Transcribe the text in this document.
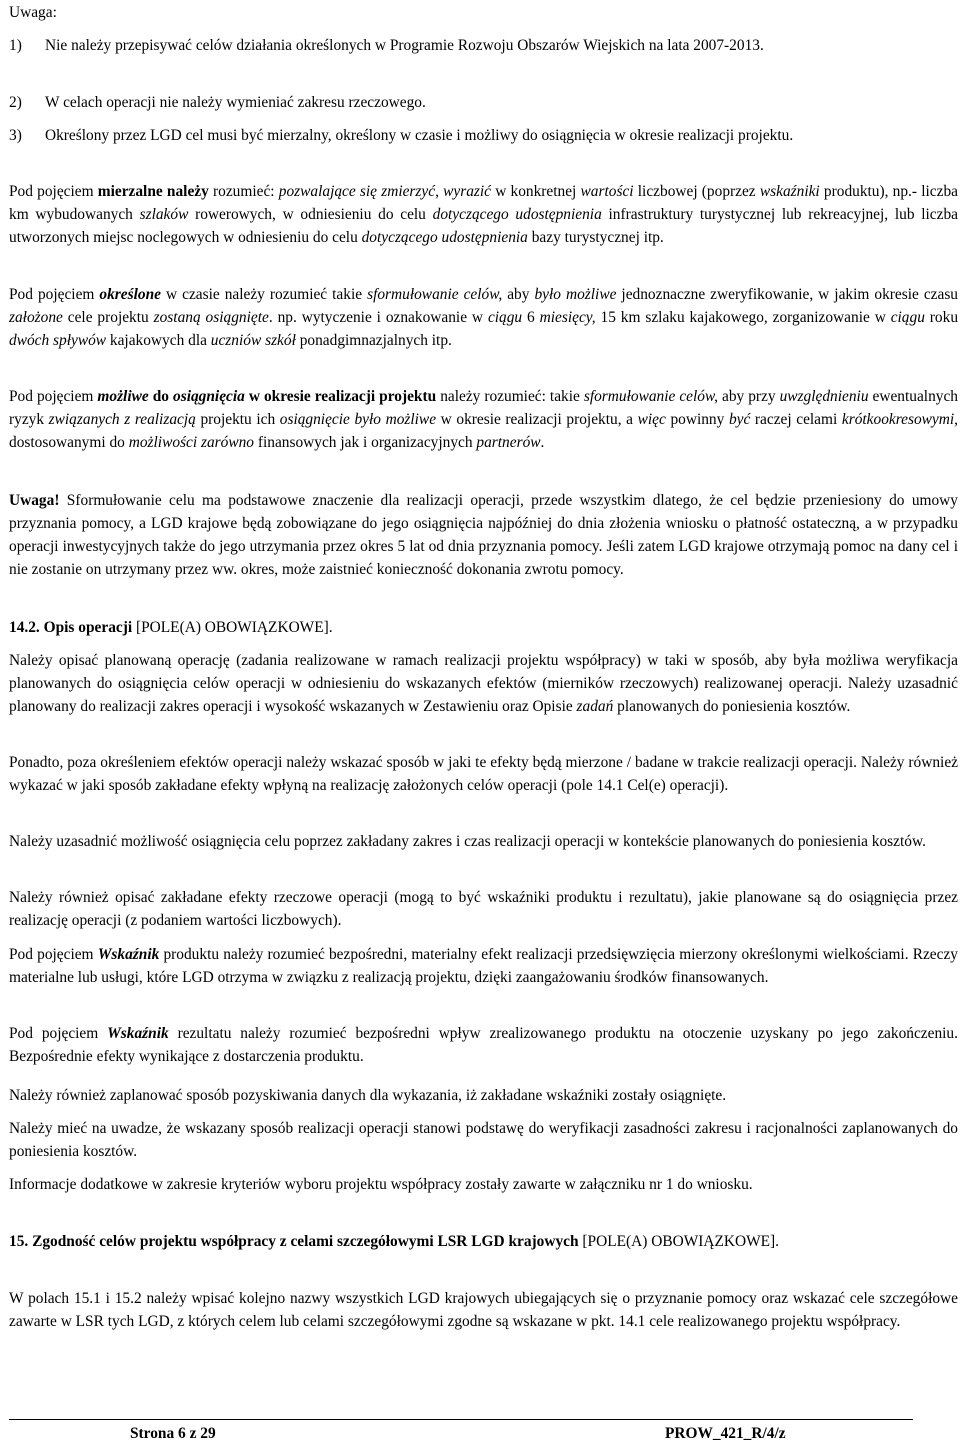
Uwaga:

1)	Nie należy przepisywać celów działania określonych w Programie Rozwoju Obszarów Wiejskich na lata 2007-2013.
2)	W celach operacji nie należy wymieniać zakresu rzeczowego.
3)	Określony przez LGD cel musi być mierzalny, określony w czasie i możliwy do osiągnięcia w okresie realizacji projektu.

Pod pojęciem mierzalne należy rozumieć: pozwalające się zmierzyć, wyrazić w konkretnej wartości liczbowej (poprzez wskaźniki produktu), np.- liczba km wybudowanych szlaków rowerowych, w odniesieniu do celu dotyczącego udostępnienia infrastruktury turystycznej lub rekreacyjnej, lub liczba utworzonych miejsc noclegowych w odniesieniu do celu dotyczącego udostępnienia bazy turystycznej itp.

Pod pojęciem określone w czasie należy rozumieć takie sformułowanie celów, aby było możliwe jednoznaczne zweryfikowanie, w jakim okresie czasu założone cele projektu zostaną osiągnięte. np. wytyczenie i oznakowanie w ciągu 6 miesięcy, 15 km szlaku kajakowego, zorganizowanie w ciągu roku dwóch spływów kajakowych dla uczniów szkół ponadgimnazjalnych itp.

Pod pojęciem możliwe do osiągnięcia w okresie realizacji projektu należy rozumieć: takie sformułowanie celów, aby przy uwzględnieniu ewentualnych ryzyk związanych z realizacją projektu ich osiągnięcie było możliwe w okresie realizacji projektu, a więc powinny być raczej celami krótkookresowymi, dostosowanymi do możliwości zarówno finansowych jak i organizacyjnych partnerów.

Uwaga! Sformułowanie celu ma podstawowe znaczenie dla realizacji operacji, przede wszystkim dlatego, że cel będzie przeniesiony do umowy przyznania pomocy, a LGD krajowe będą zobowiązane do jego osiągnięcia najpóźniej do dnia złożenia wniosku o płatność ostateczną, a w przypadku operacji inwestycyjnych także do jego utrzymania przez okres 5 lat od dnia przyznania pomocy. Jeśli zatem LGD krajowe otrzymają pomoc na dany cel i nie zostanie on utrzymany przez ww. okres, może zaistnieć konieczność dokonania zwrotu pomocy.

14.2. Opis operacji [POLE(A) OBOWIĄZKOWE].

Należy opisać planowaną operację (zadania realizowane w ramach realizacji projektu współpracy) w taki w sposób, aby była możliwa weryfikacja planowanych do osiągnięcia celów operacji w odniesieniu do wskazanych efektów (mierników rzeczowych) realizowanej operacji. Należy uzasadnić planowany do realizacji zakres operacji i wysokość wskazanych w Zestawieniu oraz Opisie zadań planowanych do poniesienia kosztów.

Ponadto, poza określeniem efektów operacji należy wskazać sposób w jaki te efekty będą mierzone / badane w trakcie realizacji operacji. Należy również wykazać w jaki sposób zakładane efekty wpłyną na realizację założonych celów operacji (pole 14.1 Cel(e) operacji).

Należy uzasadnić możliwość osiągnięcia celu poprzez zakładany zakres i czas realizacji operacji w kontekście planowanych do poniesienia kosztów.

Należy również opisać zakładane efekty rzeczowe operacji (mogą to być wskaźniki produktu i rezultatu), jakie planowane są do osiągnięcia przez realizację operacji (z podaniem wartości liczbowych).

Pod pojęciem Wskaźnik produktu należy rozumieć bezpośredni, materialny efekt realizacji przedsięwzięcia mierzony określonymi wielkościami. Rzeczy materialne lub usługi, które LGD otrzyma w związku z realizacją projektu, dzięki zaangażowaniu środków finansowanych.

Pod pojęciem Wskaźnik rezultatu należy rozumieć bezpośredni wpływ zrealizowanego produktu na otoczenie uzyskany po jego zakończeniu. Bezpośrednie efekty wynikające z dostarczenia produktu.

Należy również zaplanować sposób pozyskiwania danych dla wykazania, iż zakładane wskaźniki zostały osiągnięte.

Należy mieć na uwadze, że wskazany sposób realizacji operacji stanowi podstawę do weryfikacji zasadności zakresu i racjonalności zaplanowanych do poniesienia kosztów.

Informacje dodatkowe w zakresie kryteriów wyboru projektu współpracy zostały zawarte w załączniku nr 1 do wniosku.

15. Zgodność celów projektu współpracy z celami szczegółowymi LSR LGD krajowych [POLE(A) OBOWIĄZKOWE].

W polach 15.1 i 15.2 należy wpisać kolejno nazwy wszystkich LGD krajowych ubiegających się o przyznanie pomocy oraz wskazać cele szczegółowe zawarte w LSR tych LGD, z których celem lub celami szczegółowymi zgodne są wskazane w pkt. 14.1 cele realizowanego projektu współpracy.

Strona 6 z 29	PROW_421_R/4/z
